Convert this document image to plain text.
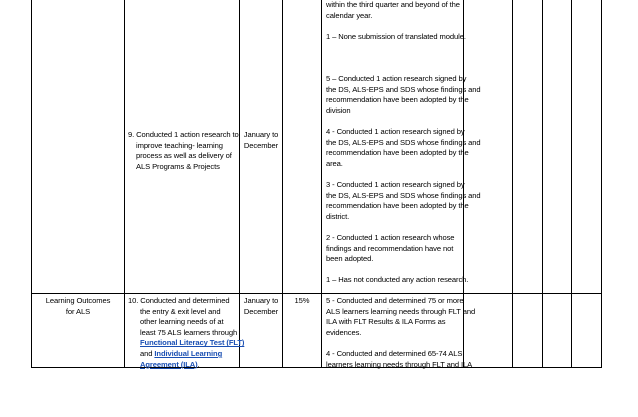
9. Conducted 1 action research to
improve teaching- learning
process as well as delivery of
ALS Programs & Projects
January to
December
within the third quarter and beyond of the
calendar year.
1 – None submission of translated module.
5 – Conducted 1 action research signed by
the DS, ALS-EPS and SDS whose findings and
recommendation have been adopted by the
division
4 - Conducted 1 action research signed by
the DS, ALS-EPS and SDS whose findings and
recommendation have been adopted by the
area.
3 - Conducted 1 action research signed by
the DS, ALS-EPS and SDS whose findings and
recommendation have been adopted by the
district.
2 - Conducted 1 action research whose
findings and recommendation have not
been adopted.
1 – Has not conducted any action research.
Learning Outcomes
for ALS
10. Conducted and determined
the entry & exit level and
other learning needs of at
least 75 ALS learners through
Functional Literacy Test (FLT)
and Individual Learning
Agreement (ILA).
January to
December
15%	5 - Conducted and determined 75 or more
ALS learners learning needs through FLT and
ILA with FLT Results & ILA Forms as
evidences.
4 - Conducted and determined 65-74 ALS
learners learning needs through FLT and ILA
